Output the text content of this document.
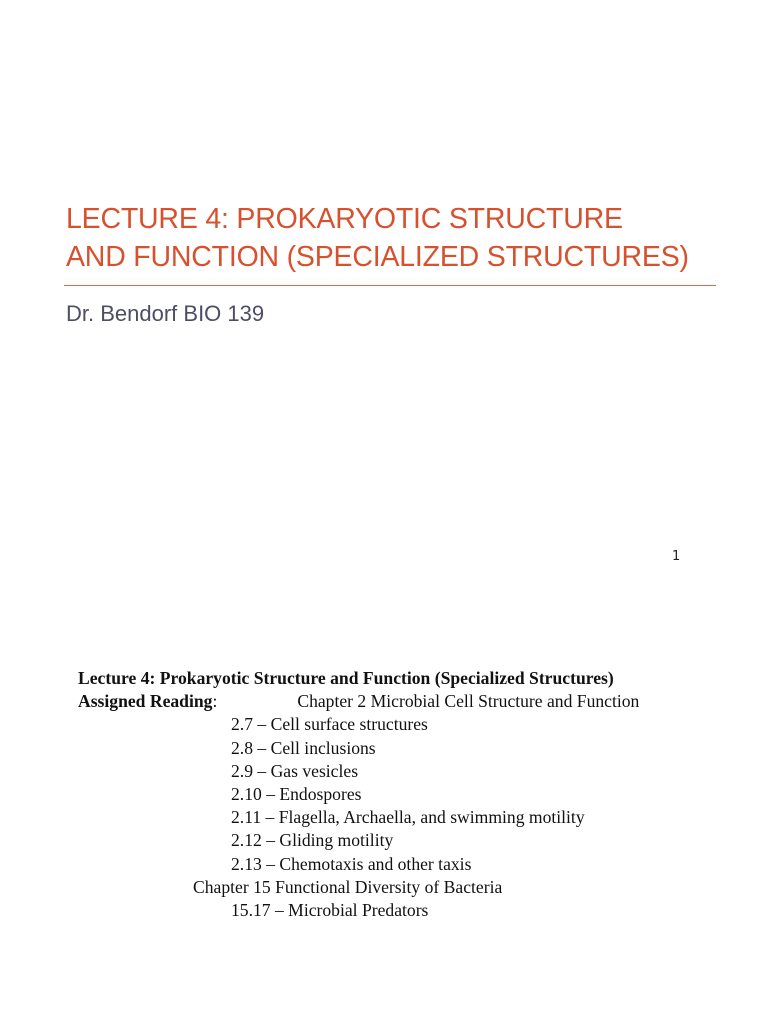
LECTURE 4: PROKARYOTIC STRUCTURE
AND FUNCTION (SPECIALIZED STRUCTURES)
Dr. Bendorf BIO 139
1
Lecture 4: Prokaryotic Structure and Function (Specialized Structures)
Assigned Reading:	Chapter 2 Microbial Cell Structure and Function
2.7 – Cell surface structures
2.8 – Cell inclusions
2.9 – Gas vesicles
2.10 – Endospores
2.11 – Flagella, Archaella, and swimming motility
2.12 – Gliding motility
2.13 – Chemotaxis and other taxis
Chapter 15 Functional Diversity of Bacteria
15.17 – Microbial Predators
